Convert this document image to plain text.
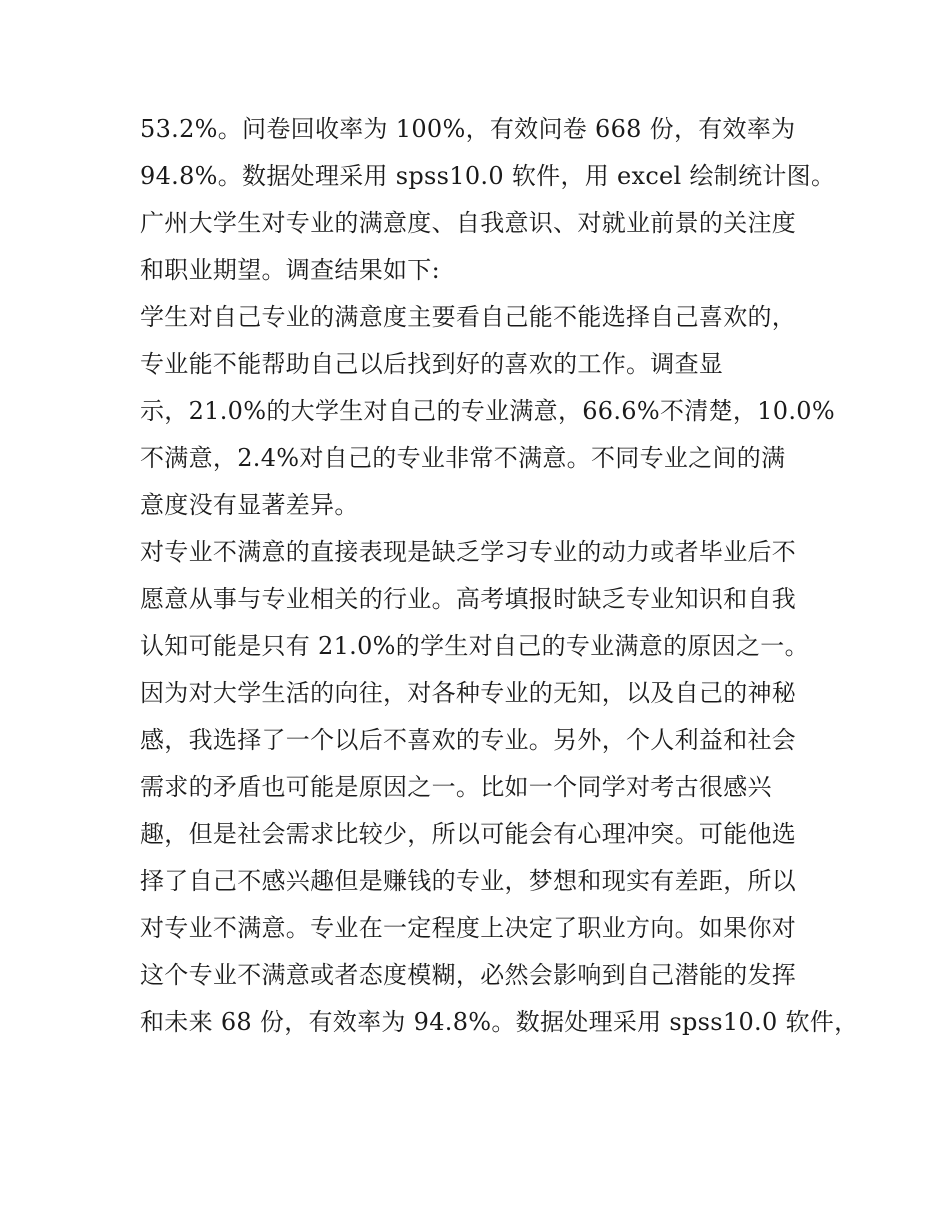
53.2%。问卷回收率为 100%，有效问卷 668 份，有效率为
94.8%。数据处理采用 spss10.0 软件，用 excel 绘制统计图。
广州大学生对专业的满意度、自我意识、对就业前景的关注度
和职业期望。调查结果如下:
学生对自己专业的满意度主要看自己能不能选择自己喜欢的，
专业能不能帮助自己以后找到好的喜欢的工作。调查显
示，21.0%的大学生对自己的专业满意，66.6%不清楚，10.0%
不满意，2.4%对自己的专业非常不满意。不同专业之间的满
意度没有显著差异。
对专业不满意的直接表现是缺乏学习专业的动力或者毕业后不
愿意从事与专业相关的行业。高考填报时缺乏专业知识和自我
认知可能是只有 21.0%的学生对自己的专业满意的原因之一。
因为对大学生活的向往，对各种专业的无知，以及自己的神秘
感，我选择了一个以后不喜欢的专业。另外，个人利益和社会
需求的矛盾也可能是原因之一。比如一个同学对考古很感兴
趣，但是社会需求比较少，所以可能会有心理冲突。可能他选
择了自己不感兴趣但是赚钱的专业，梦想和现实有差距，所以
对专业不满意。专业在一定程度上决定了职业方向。如果你对
这个专业不满意或者态度模糊，必然会影响到自己潜能的发挥
和未来 68 份，有效率为 94.8%。数据处理采用 spss10.0 软件，
